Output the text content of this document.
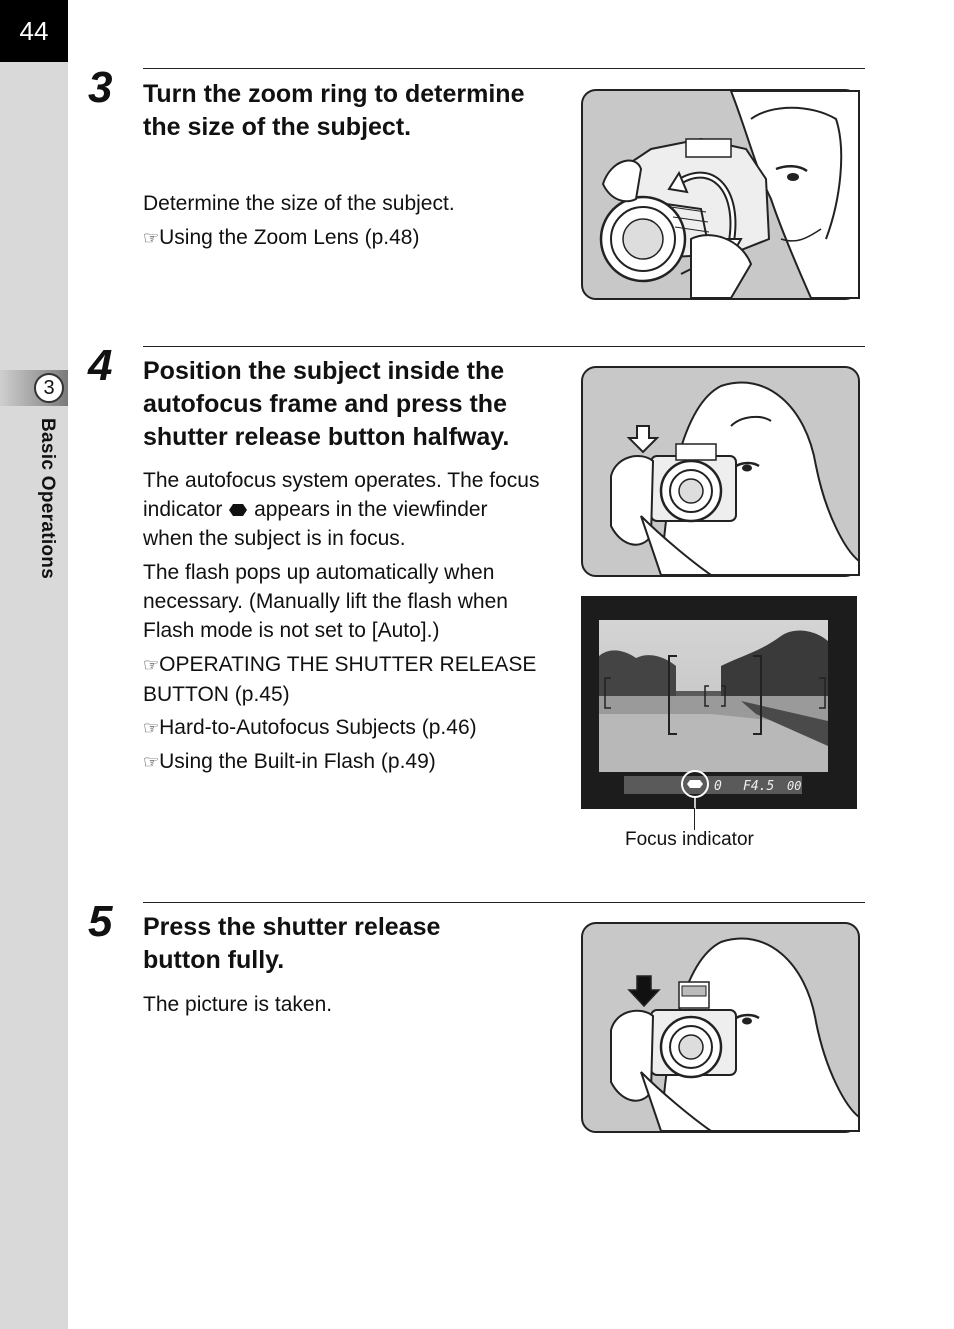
44
3
Basic Operations
3 Turn the zoom ring to determine the size of the subject.

Determine the size of the subject.

☞Using the Zoom Lens (p.48)
4 Position the subject inside the autofocus frame and press the shutter release button halfway.

The autofocus system operates. The focus indicator appears in the viewfinder when the subject is in focus.

The flash pops up automatically when necessary. (Manually lift the flash when Flash mode is not set to [Auto].)

☞OPERATING THE SHUTTER RELEASE BUTTON (p.45)
☞Hard-to-Autofocus Subjects (p.46)
☞Using the Built-in Flash (p.49)
F4.5
0	00
Focus indicator
5 Press the shutter release button fully.

The picture is taken.
